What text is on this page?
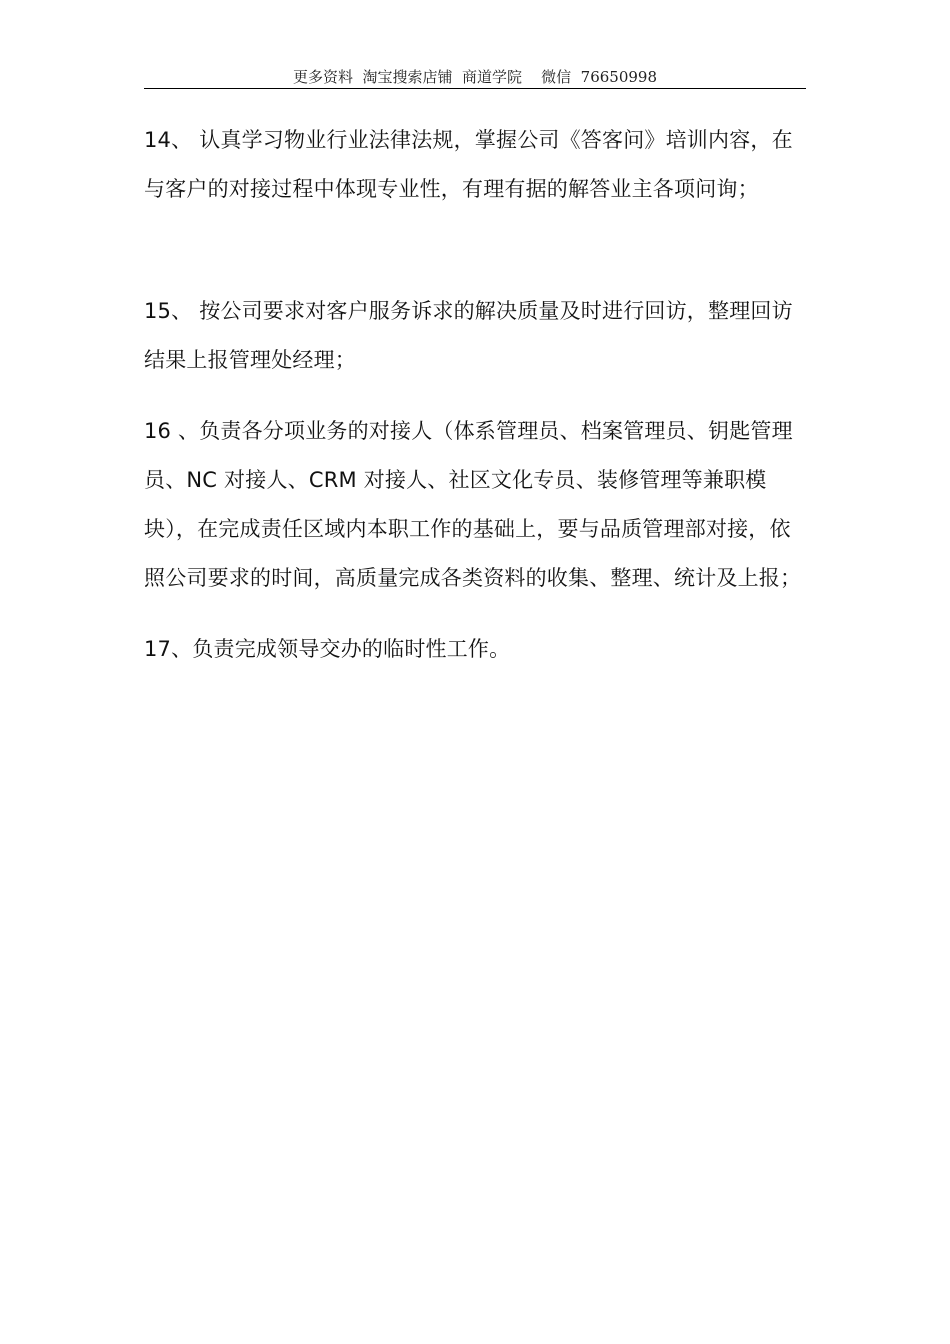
更多资料  淘宝搜索店铺  商道学院    微信  76650998

14、 认真学习物业行业法律法规，掌握公司《答客问》培训内容，在与客户的对接过程中体现专业性，有理有据的解答业主各项问询；

15、 按公司要求对客户服务诉求的解决质量及时进行回访，整理回访结果上报管理处经理；

16 、负责各分项业务的对接人（体系管理员、档案管理员、钥匙管理员、NC 对接人、CRM 对接人、社区文化专员、装修管理等兼职模块），在完成责任区域内本职工作的基础上，要与品质管理部对接，依照公司要求的时间，高质量完成各类资料的收集、整理、统计及上报；

17、负责完成领导交办的临时性工作。
